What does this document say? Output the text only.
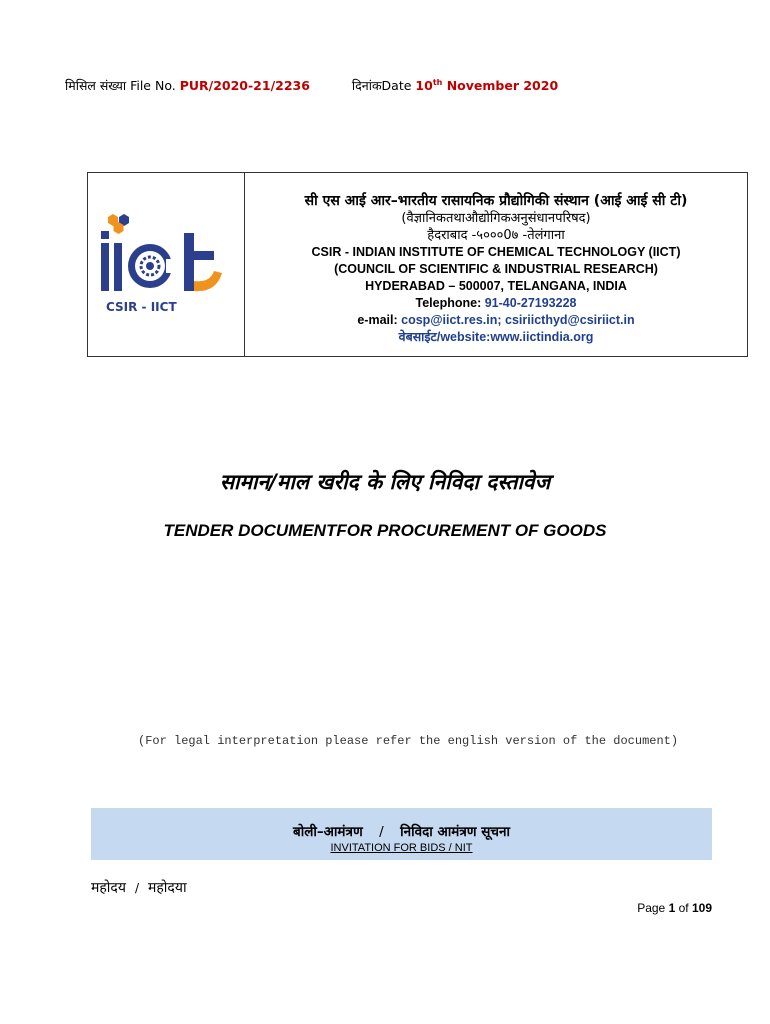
मिसिल संख्या File No. PUR/2020-21/2236	दिनांकDate 10th November 2020
CSIR - IICT

सी एस आई आर–भारतीय रासायनिक प्रौद्योगिकी संस्थान (आई आई सी टी)

(वैज्ञानिकतथाऔद्योगिकअनुसंधानपरिषद)

हैदराबाद -५०००0७ -तेलंगाना

CSIR - INDIAN INSTITUTE OF CHEMICAL TECHNOLOGY (IICT)

(COUNCIL OF SCIENTIFIC & INDUSTRIAL RESEARCH)

HYDERABAD – 500007, TELANGANA, INDIA

Telephone: 91-40-27193228

e-mail: cosp@iict.res.in; csiriicthyd@csiriict.in

वेबसाईट/website:www.iictindia.org

सामान/माल खरीद के लिए निविदा दस्तावेज
TENDER DOCUMENTFOR PROCUREMENT OF GOODS
(For legal interpretation please refer the english version of the document)
बोली–आमंत्रण / निविदा आमंत्रण सूचना
INVITATION FOR BIDS / NIT
महोदय / महोदया
Page 1 of 109
